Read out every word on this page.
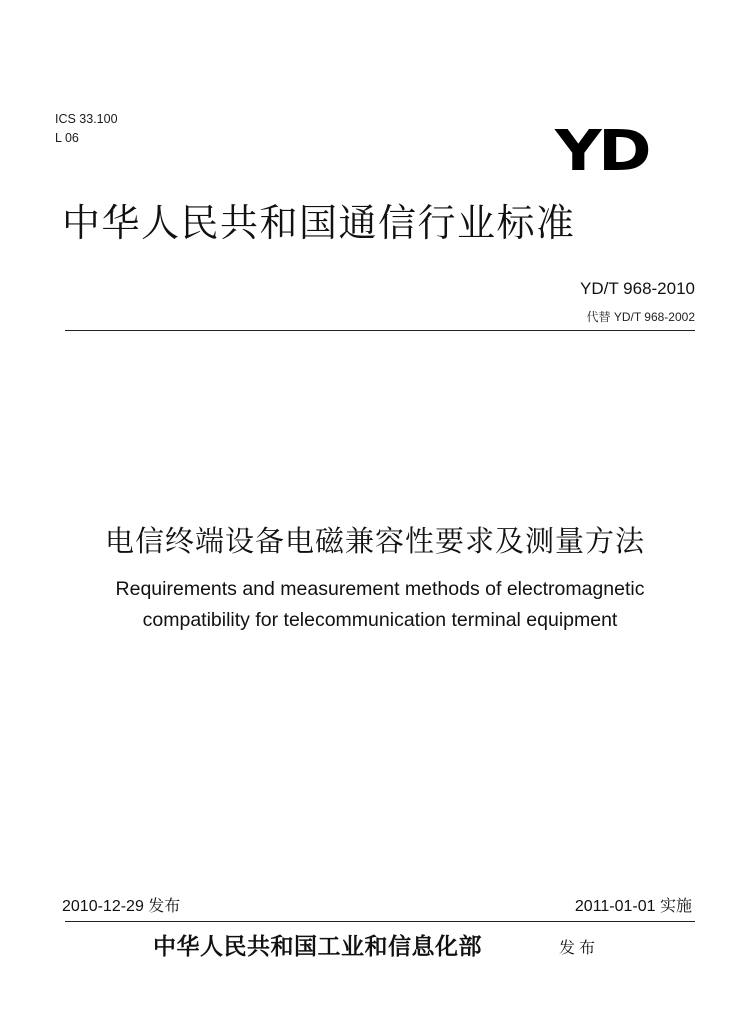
ICS 33.100
L 06	YD
中华人民共和国通信行业标准
YD/T 968-2010
代替 YD/T 968-2002
电信终端设备电磁兼容性要求及测量方法
Requirements and measurement methods of electromagnetic
compatibility for telecommunication terminal equipment
2010-12-29 发布	2011-01-01 实施
中华人民共和国工业和信息化部	发布
